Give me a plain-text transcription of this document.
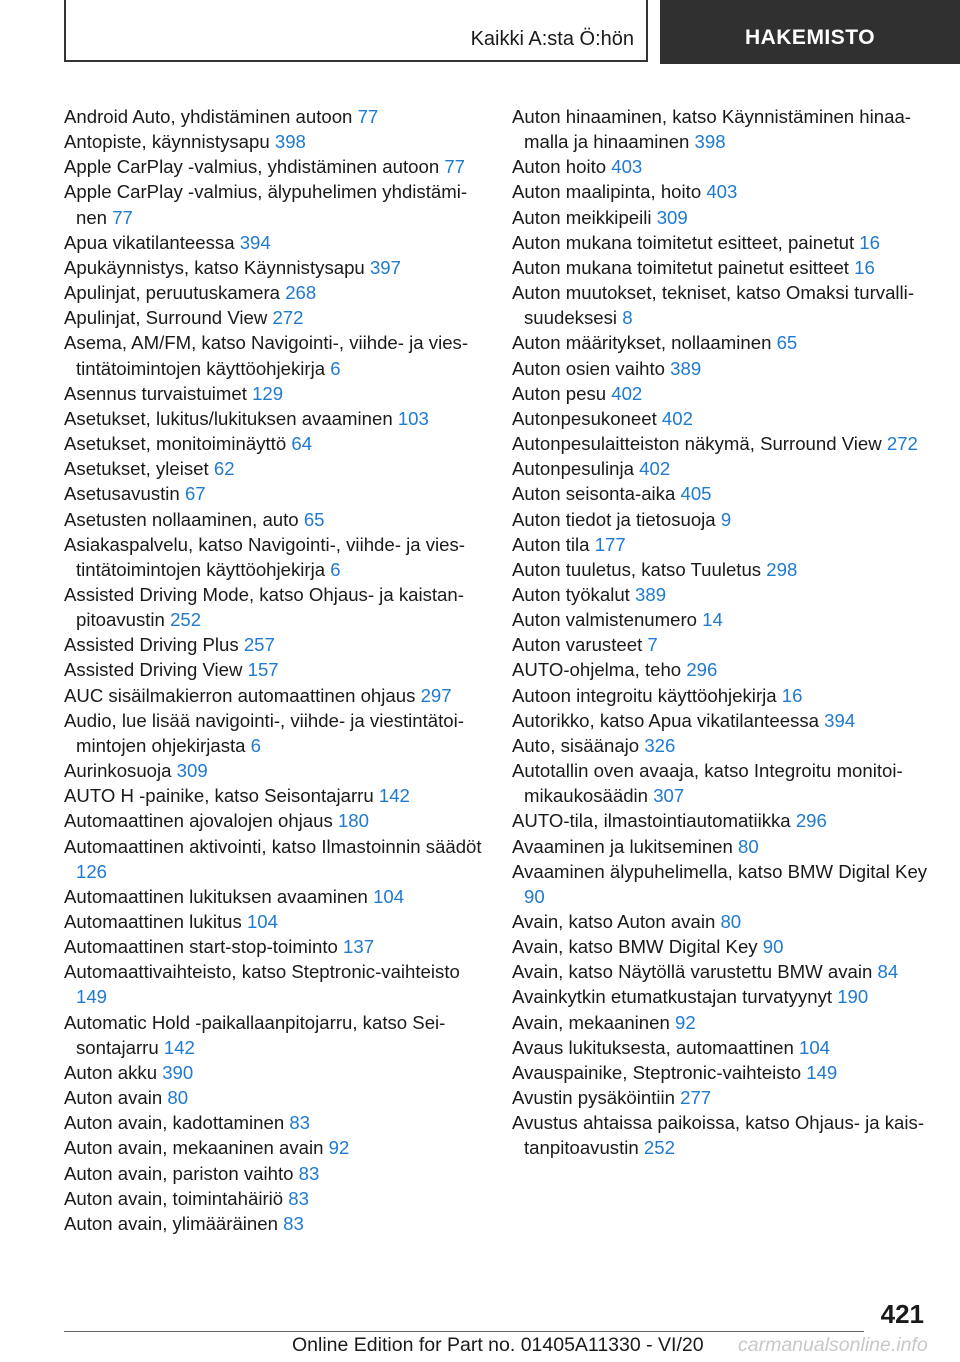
Kaikki A:sta Ö:hön	HAKEMISTO
Android Auto, yhdistäminen autoon 77
Antopiste, käynnistysapu 398
Apple CarPlay -valmius, yhdistäminen autoon 77
Apple CarPlay -valmius, älypuhelimen yhdistäminen 77
Apua vikatilanteessa 394
Apukäynnistys, katso Käynnistysapu 397
Apulinjat, peruutuskamera 268
Apulinjat, Surround View 272
Asema, AM/FM, katso Navigointi-, viihde- ja viestintätoimintojen käyttöohjekirja 6
Asennus turvaistuimet 129
Asetukset, lukitus/lukituksen avaaminen 103
Asetukset, monitoiminäyttö 64
Asetukset, yleiset 62
Asetusavustin 67
Asetusten nollaaminen, auto 65
Asiakaspalvelu, katso Navigointi-, viihde- ja viestintätoimintojen käyttöohjekirja 6
Assisted Driving Mode, katso Ohjaus- ja kaistanpitoavustin 252
Assisted Driving Plus 257
Assisted Driving View 157
AUC sisäilmakierron automaattinen ohjaus 297
Audio, lue lisää navigointi-, viihde- ja viestintätoimintojen ohjekirjasta 6
Aurinkosuoja 309
AUTO H -painike, katso Seisontajarru 142
Automaattinen ajovalojen ohjaus 180
Automaattinen aktivointi, katso Ilmastoinnin säädöt 126
Automaattinen lukituksen avaaminen 104
Automaattinen lukitus 104
Automaattinen start-stop-toiminto 137
Automaattivaihteisto, katso Steptronic-vaihteisto 149
Automatic Hold -paikallaanpitojarru, katso Seisontajarru 142
Auton akku 390
Auton avain 80
Auton avain, kadottaminen 83
Auton avain, mekaaninen avain 92
Auton avain, pariston vaihto 83
Auton avain, toimintahäiriö 83
Auton avain, ylimääräinen 83
Auton hinaaminen, katso Käynnistäminen hinaamalla ja hinaaminen 398
Auton hoito 403
Auton maalipinta, hoito 403
Auton meikkipeili 309
Auton mukana toimitetut esitteet, painetut 16
Auton mukana toimitetut painetut esitteet 16
Auton muutokset, tekniset, katso Omaksi turvallisuudeksesi 8
Auton määritykset, nollaaminen 65
Auton osien vaihto 389
Auton pesu 402
Autonpesukoneet 402
Autonpesulaitteiston näkymä, Surround View 272
Autonpesulinja 402
Auton seisonta-aika 405
Auton tiedot ja tietosuoja 9
Auton tila 177
Auton tuuletus, katso Tuuletus 298
Auton työkalut 389
Auton valmistenumero 14
Auton varusteet 7
AUTO-ohjelma, teho 296
Autoon integroitu käyttöohjekirja 16
Autorikko, katso Apua vikatilanteessa 394
Auto, sisäänajo 326
Autotallin oven avaaja, katso Integroitu monitoimikaukosäädin 307
AUTO-tila, ilmastointiautomatiikka 296
Avaaminen ja lukitseminen 80
Avaaminen älypuhelimella, katso BMW Digital Key 90
Avain, katso Auton avain 80
Avain, katso BMW Digital Key 90
Avain, katso Näytöllä varustettu BMW avain 84
Avainkytkin etumatkustajan turvatyynyt 190
Avain, mekaaninen 92
Avaus lukituksesta, automaattinen 104
Avauspainike, Steptronic-vaihteisto 149
Avustin pysäköintiin 277
Avustus ahtaissa paikoissa, katso Ohjaus- ja kaistanpitoavustin 252
421
Online Edition for Part no. 01405A11330 - VI/20 carmanualsonline.info
